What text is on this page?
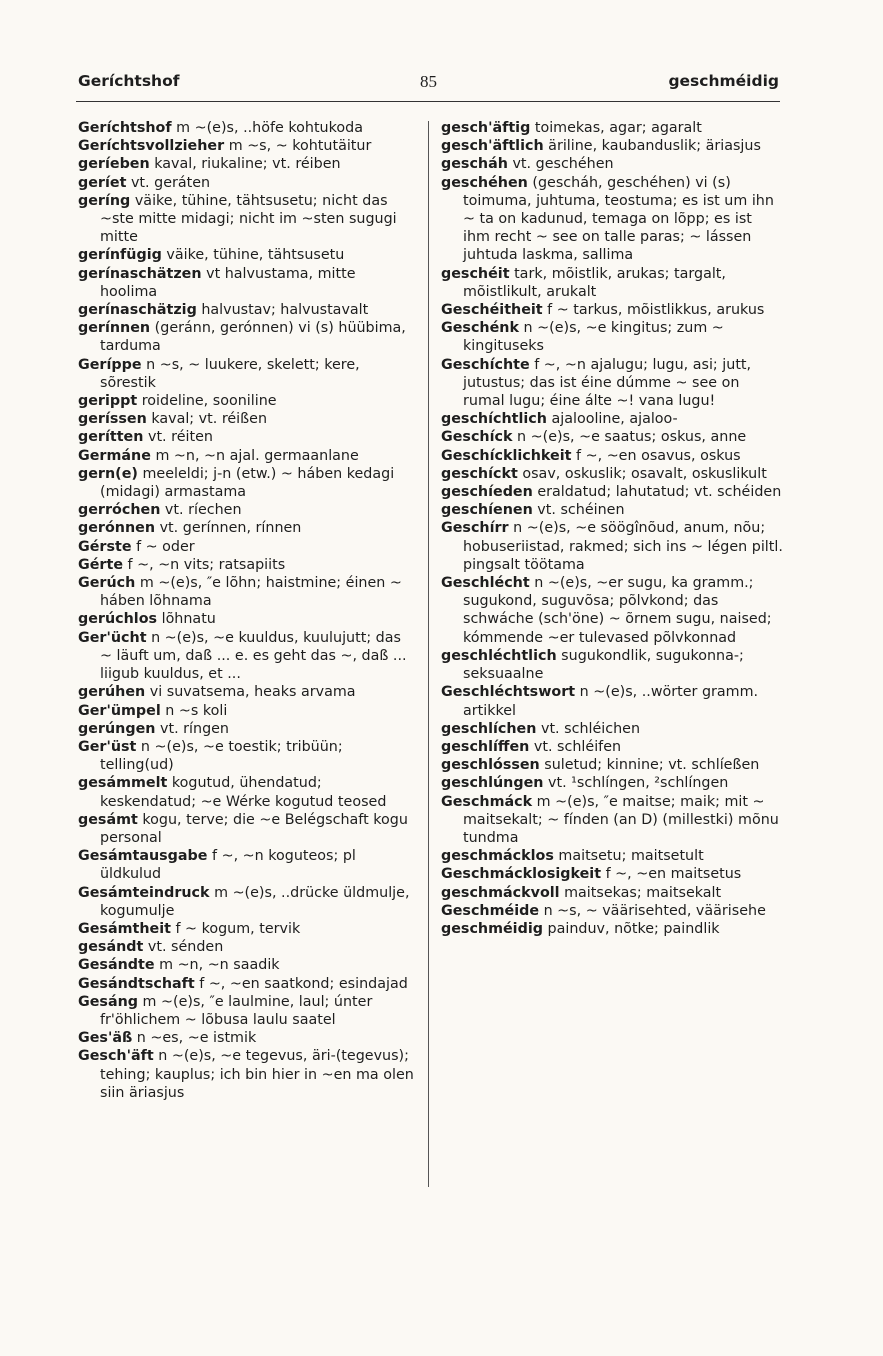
Geríchtshof	85	geschméidig
Geríchtshof m ~(e)s, ..höfe kohtukoda
Geríchtsvollzieher m ~s, ~ kohtutäitur
geríeben kaval, riukaline; vt. réiben
geríet vt. geráten
geríng väike, tühine, tähtsusetu; nicht das ~ste mitte midagi; nicht im ~sten sugugi mitte
gerínfügig väike, tühine, tähtsusetu
gerínaschätzen vt halvustama, mitte hoolima
gerínaschätzig halvustav; halvustavalt
gerínnen (geránn, gerónnen) vi (s) hüübima, tarduma
Geríppe n ~s, ~ luukere, skelett; kere, sõrestik
gerippt roideline, sooniline
geríssen kaval; vt. réißen
gerítten vt. réiten
Germáne m ~n, ~n ajal. germaanlane
gern(e) meeleldi; j-n (etw.) ~ háben kedagi (midagi) armastama
gerróchen vt. ríechen
gerónnen vt. gerínnen, rínnen
Gérste f ~ oder
Gérte f ~, ~n vits; ratsapiits
Gerúch m ~(e)s, ″e lõhn; haistmine; éinen ~ háben lõhnama
gerúchlos lõhnatu
Ger'ücht n ~(e)s, ~e kuuldus, kuulujutt; das ~ läuft um, daß ... e. es geht das ~, daß ... liigub kuuldus, et ...
gerúhen vi suvatsema, heaks arvama
Ger'ümpel n ~s koli
gerúngen vt. ríngen
Ger'üst n ~(e)s, ~e toestik; tribüün; telling(ud)
gesámmelt kogutud, ühendatud; keskendatud; ~e Wérke kogutud teosed
gesámt kogu, terve; die ~e Belégschaft kogu personal
Gesámtausgabe f ~, ~n koguteos; pl üldkulud
Gesámteindruck m ~(e)s, ..drücke üldmulje, kogumulje
Gesámtheit f ~ kogum, tervik
gesándt vt. sénden
Gesándte m ~n, ~n saadik
Gesándtschaft f ~, ~en saatkond; esindajad
Gesáng m ~(e)s, ″e laulmine, laul; únter fr'öhlichem ~ lõbusa laulu saatel
Ges'äß n ~es, ~e istmik
Gesch'äft n ~(e)s, ~e tegevus, äri-(tegevus); tehing; kauplus; ich bin hier in ~en ma olen siin äriasjus
gesch'äftig toimekas, agar; agaralt
gesch'äftlich äriline, kaubanduslik; äriasjus
gescháh vt. geschéhen
geschéhen (gescháh, geschéhen) vi (s) toimuma, juhtuma, teostuma; es ist um ihn ~ ta on kadunud, temaga on lõpp; es ist ihm recht ~ see on talle paras; ~ lássen juhtuda laskma, sallima
geschéit tark, mõistlik, arukas; targalt, mõistlikult, arukalt
Geschéitheit f ~ tarkus, mõistlikkus, arukus
Geschénk n ~(e)s, ~e kingitus; zum ~ kingituseks
Geschíchte f ~, ~n ajalugu; lugu, asi; jutt, jutustus; das ist éine dúmme ~ see on rumal lugu; éine álte ~! vana lugu!
geschíchtlich ajalooline, ajaloo-
Geschíck n ~(e)s, ~e saatus; oskus, anne
Geschícklichkeit f ~, ~en osavus, oskus
geschíckt osav, oskuslik; osavalt, oskuslikult
geschíeden eraldatud; lahutatud; vt. schéiden
geschíenen vt. schéinen
Geschírr n ~(e)s, ~e söögînõud, anum, nõu; hobuseriistad, rakmed; sich ins ~ légen piltl. pingsalt töötama
Geschlécht n ~(e)s, ~er sugu, ka gramm.; sugukond, suguvõsa; põlvkond; das schwáche (sch'öne) ~ õrnem sugu, naised; kómmende ~er tulevased põlvkonnad
geschléchtlich sugukondlik, sugukonna-; seksuaalne
Geschléchtswort n ~(e)s, ..wörter gramm. artikkel
geschlíchen vt. schléichen
geschlíffen vt. schléifen
geschlóssen suletud; kinnine; vt. schlíeßen
geschlúngen vt. ¹schlíngen, ²schlíngen
Geschmáck m ~(e)s, ″e maitse; maik; mit ~ maitsekalt; ~ fínden (an D) (millestki) mõnu tundma
geschmácklos maitsetu; maitsetult
Geschmácklosigkeit f ~, ~en maitsetus
geschmáckvoll maitsekas; maitsekalt
Geschméide n ~s, ~ väärisehted, väärisehe
geschméidig painduv, nõtke; paindlik
